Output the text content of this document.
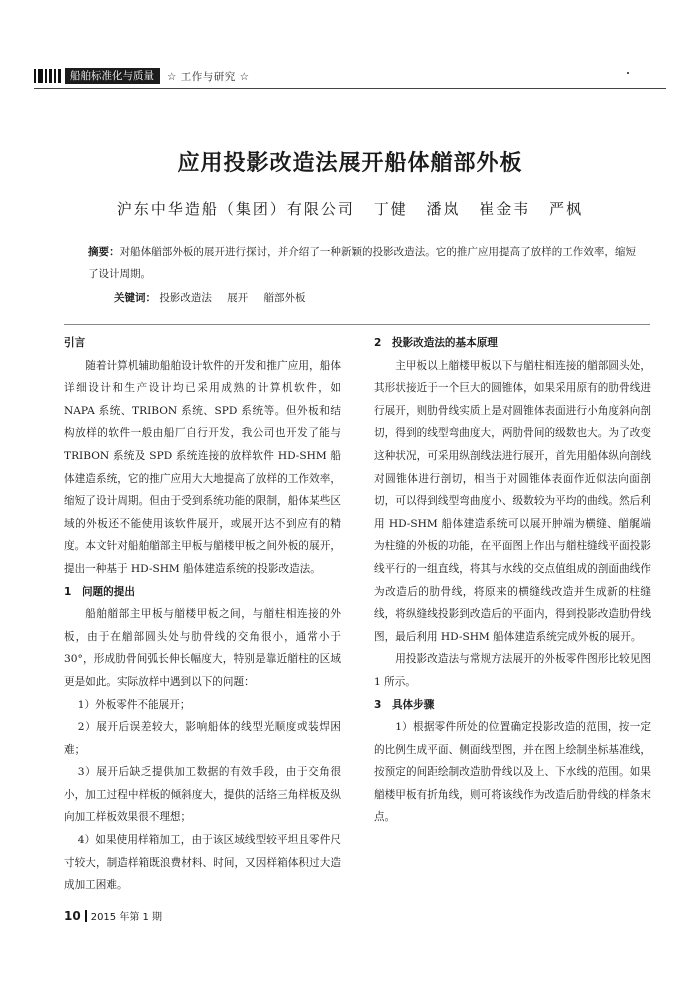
船舶标准化与质量	☆ 工作与研究 ☆
应用投影改造法展开船体艏部外板
沪东中华造船（集团）有限公司 丁健 潘岚 崔金韦 严枫
摘要：对船体艏部外板的展开进行探讨，并介绍了一种新颖的投影改造法。它的推广应用提高了放样的工作效率，缩短了设计周期。
关键词： 投影改造法 展开 艏部外板

引言

随着计算机辅助船舶设计软件的开发和推广应用，船体详细设计和生产设计均已采用成熟的计算机软件，如 NAPA 系统、TRIBON 系统、SPD 系统等。但外板和结构放样的软件一般由船厂自行开发，我公司也开发了能与 TRIBON 系统及 SPD 系统连接的放样软件 HD-SHM 船体建造系统，它的推广应用大大地提高了放样的工作效率，缩短了设计周期。但由于受到系统功能的限制，船体某些区域的外板还不能使用该软件展开，或展开达不到应有的精度。本文针对船舶艏部主甲板与艏楼甲板之间外板的展开，提出一种基于 HD-SHM 船体建造系统的投影改造法。

1　问题的提出

船舶艏部主甲板与艏楼甲板之间，与艏柱相连接的外板，由于在艏部圆头处与肋骨线的交角很小，通常小于 30°，形成肋骨间弧长伸长幅度大，特别是靠近艏柱的区域更是如此。实际放样中遇到以下的问题：

1）外板零件不能展开；

2）展开后误差较大，影响船体的线型光顺度或装焊困难；

3）展开后缺乏提供加工数据的有效手段，由于交角很小，加工过程中样板的倾斜度大，提供的活络三角样板及纵向加工样板效果很不理想；

4）如果使用样箱加工，由于该区域线型较平坦且零件尺寸较大，制造样箱既浪费材料、时间，又因样箱体积过大造成加工困难。

2　投影改造法的基本原理

主甲板以上艏楼甲板以下与艏柱相连接的艏部圆头处，其形状接近于一个巨大的圆锥体，如果采用原有的肋骨线进行展开，则肋骨线实质上是对圆锥体表面进行小角度斜向剖切，得到的线型弯曲度大，两肋骨间的级数也大。为了改变这种状况，可采用纵剖线法进行展开，首先用船体纵向剖线对圆锥体进行剖切，相当于对圆锥体表面作近似法向面剖切，可以得到线型弯曲度小、级数较为平均的曲线。然后利用 HD-SHM 船体建造系统可以展开肿端为横缝、艏艉端为柱缝的外板的功能，在平面图上作出与艏柱缝线平面投影线平行的一组直线，将其与水线的交点值组成的剖面曲线作为改造后的肋骨线，将原来的横缝线改造并生成新的柱缝线，将纵缝线投影到改造后的平面内，得到投影改造肋骨线图，最后利用 HD-SHM 船体建造系统完成外板的展开。

用投影改造法与常规方法展开的外板零件图形比较见图 1 所示。

3　具体步骤

1）根据零件所处的位置确定投影改造的范围，按一定的比例生成平面、侧面线型图，并在图上绘制坐标基准线，按预定的间距绘制改造肋骨线以及上、下水线的范围。如果艏楼甲板有折角线，则可将该线作为改造后肋骨线的样条末点。

10 2015 年第 1 期
